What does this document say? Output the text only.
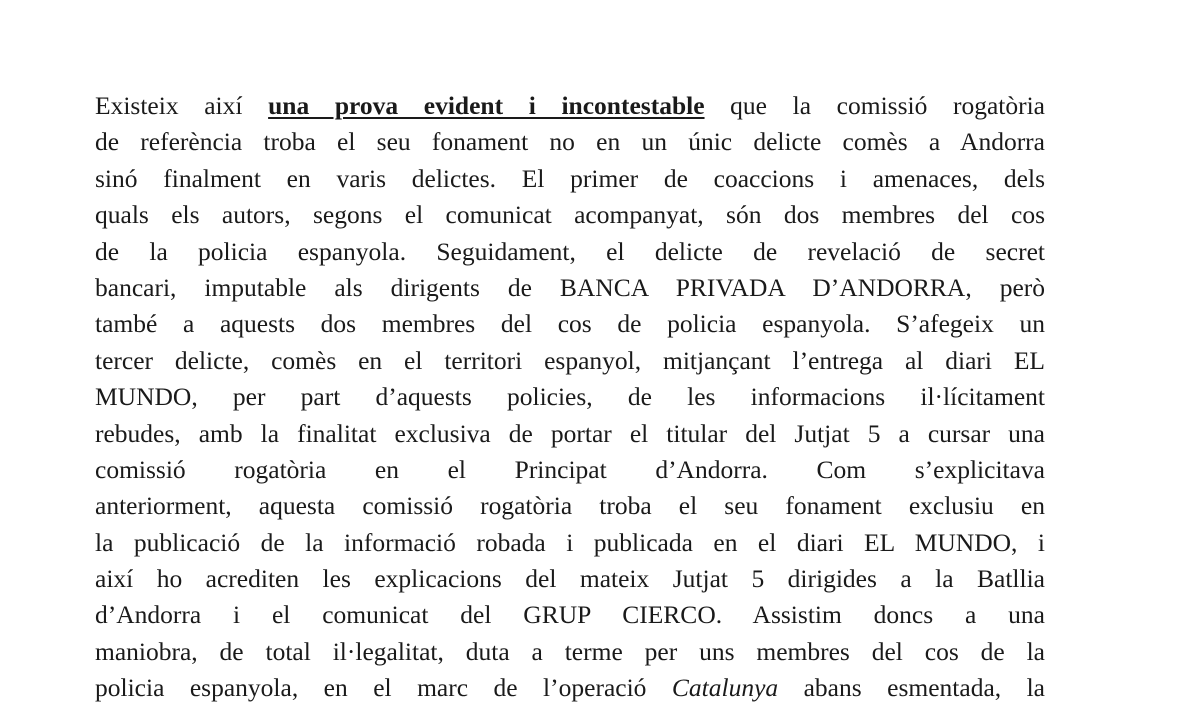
Existeix així una prova evident i incontestable que la comissió rogatòria
de referència troba el seu fonament no en un únic delicte comès a Andorra
sinó finalment en varis delictes. El primer de coaccions i amenaces, dels
quals els autors, segons el comunicat acompanyat, són dos membres del cos
de la policia espanyola. Seguidament, el delicte de revelació de secret
bancari, imputable als dirigents de BANCA PRIVADA D’ANDORRA, però
també a aquests dos membres del cos de policia espanyola. S’afegeix un
tercer delicte, comès en el territori espanyol, mitjançant l’entrega al diari EL
MUNDO, per part d’aquests policies, de les informacions il·lícitament
rebudes, amb la finalitat exclusiva de portar el titular del Jutjat 5 a cursar una
comissió rogatòria en el Principat d’Andorra. Com s’explicitava
anteriorment, aquesta comissió rogatòria troba el seu fonament exclusiu en
la publicació de la informació robada i publicada en el diari EL MUNDO, i
així ho acrediten les explicacions del mateix Jutjat 5 dirigides a la Batllia
d’Andorra i el comunicat del GRUP CIERCO. Assistim doncs a una
maniobra, de total il·legalitat, duta a terme per uns membres del cos de la
policia espanyola, en el marc de l’operació Catalunya abans esmentada, la
